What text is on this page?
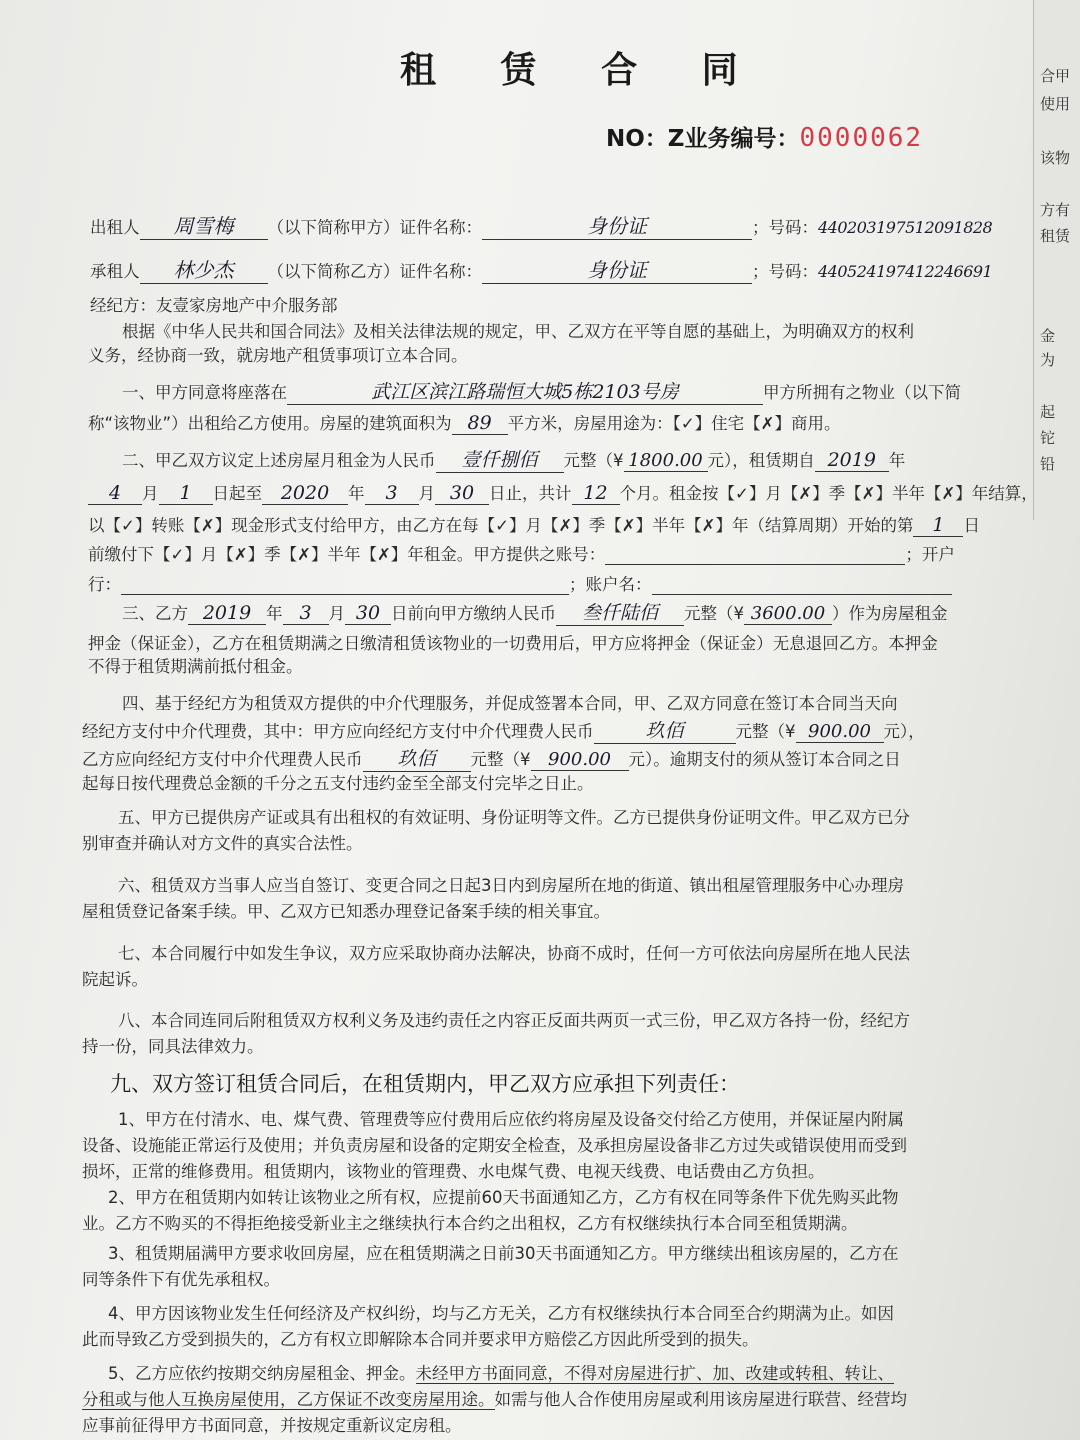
合甲
使用
该物
方有
租赁
金
为
起
铊
铅
租 赁 合 同
NO：Z业务编号：0000062
出租人 周雪梅 （以下简称甲方）证件名称：	身份证	；号码：440203197512091828
承租人 林少杰 （以下简称乙方）证件名称：	身份证	；号码：440524197412246691
经纪方：友壹家房地产中介服务部
根据《中华人民共和国合同法》及相关法律法规的规定，甲、乙双方在平等自愿的基础上，为明确双方的权利
义务，经协商一致，就房地产租赁事项订立本合同。
一、甲方同意将座落在	武江区滨江路瑞恒大城5栋2103号房	甲方所拥有之物业（以下简
称“该物业”）出租给乙方使用。房屋的建筑面积为 89 平方米，房屋用途为：【✓】住宅【✗】商用。
二、甲乙双方议定上述房屋月租金为人民币 壹仟捌佰 元整（¥ 1800.00 元），租赁期自 2019 年
4 月 1 日起至 2020 年 3 月 30 日止，共计 12 个月。租金按【✓】月【✗】季【✗】半年【✗】年结算，
以【✓】转账【✗】现金形式支付给甲方，由乙方在每【✓】月【✗】季【✗】半年【✗】年（结算周期）开始的第 1 日
前缴付下【✓】月【✗】季【✗】半年【✗】年租金。甲方提供之账号：	；开户
行：	；账户名：
三、乙方 2019 年 3 月 30 日前向甲方缴纳人民币 叁仟陆佰 元整（¥ 3600.00 ）作为房屋租金
押金（保证金），乙方在租赁期满之日缴清租赁该物业的一切费用后，甲方应将押金（保证金）无息退回乙方。本押金
不得于租赁期满前抵付租金。
四、基于经纪方为租赁双方提供的中介代理服务，并促成签署本合同，甲、乙双方同意在签订本合同当天向
经纪方支付中介代理费，其中：甲方应向经纪方支付中介代理费人民币	玖佰	元整（¥ 900.00 元），
乙方应向经纪方支付中介代理费人民币 玖佰 元整（¥ 900.00 元）。逾期支付的须从签订本合同之日
起每日按代理费总金额的千分之五支付违约金至全部支付完毕之日止。
五、甲方已提供房产证或具有出租权的有效证明、身份证明等文件。乙方已提供身份证明文件。甲乙双方已分
别审查并确认对方文件的真实合法性。
六、租赁双方当事人应当自签订、变更合同之日起3日内到房屋所在地的街道、镇出租屋管理服务中心办理房
屋租赁登记备案手续。甲、乙双方已知悉办理登记备案手续的相关事宜。
七、本合同履行中如发生争议，双方应采取协商办法解决，协商不成时，任何一方可依法向房屋所在地人民法
院起诉。
八、本合同连同后附租赁双方权利义务及违约责任之内容正反面共两页一式三份，甲乙双方各持一份，经纪方
持一份，同具法律效力。
九、双方签订租赁合同后，在租赁期内，甲乙双方应承担下列责任：
1、甲方在付清水、电、煤气费、管理费等应付费用后应依约将房屋及设备交付给乙方使用，并保证屋内附属
设备、设施能正常运行及使用；并负责房屋和设备的定期安全检查，及承担房屋设备非乙方过失或错误使用而受到
损坏，正常的维修费用。租赁期内，该物业的管理费、水电煤气费、电视天线费、电话费由乙方负担。
2、甲方在租赁期内如转让该物业之所有权，应提前60天书面通知乙方，乙方有权在同等条件下优先购买此物
业。乙方不购买的不得拒绝接受新业主之继续执行本合约之出租权，乙方有权继续执行本合同至租赁期满。
3、租赁期届满甲方要求收回房屋，应在租赁期满之日前30天书面通知乙方。甲方继续出租该房屋的，乙方在
同等条件下有优先承租权。
4、甲方因该物业发生任何经济及产权纠纷，均与乙方无关，乙方有权继续执行本合同至合约期满为止。如因
此而导致乙方受到损失的，乙方有权立即解除本合同并要求甲方赔偿乙方因此所受到的损失。
5、乙方应依约按期交纳房屋租金、押金。未经甲方书面同意，不得对房屋进行扩、加、改建或转租、转让、
分租或与他人互换房屋使用，乙方保证不改变房屋用途。如需与他人合作使用房屋或利用该房屋进行联营、经营均
应事前征得甲方书面同意，并按规定重新议定房租。
